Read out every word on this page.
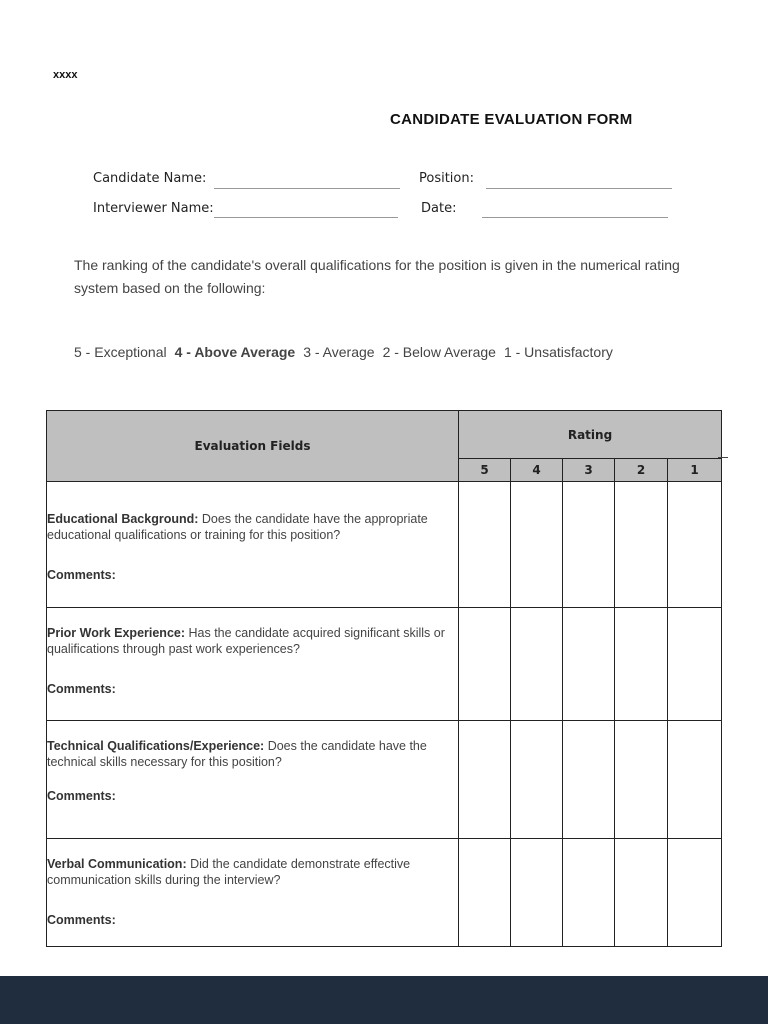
xxxx
CANDIDATE EVALUATION FORM
Candidate Name:	Position:
Interviewer Name:	Date:
The ranking of the candidate's overall qualifications for the position is given in the numerical rating system based on the following:
5 - Exceptional 4 - Above Average 3 - Average 2 - Below Average 1 - Unsatisfactory
Evaluation Fields	Rating				
	5	4	3	2	1

Educational Background: Does the candidate have the appropriate educational qualifications or training for this position?
Comments:					

Prior Work Experience: Has the candidate acquired significant skills or qualifications through past work experiences?
Comments:					

Technical Qualifications/Experience: Does the candidate have the technical skills necessary for this position?
Comments:					

Verbal Communication: Did the candidate demonstrate effective communication skills during the interview?
Comments:					
